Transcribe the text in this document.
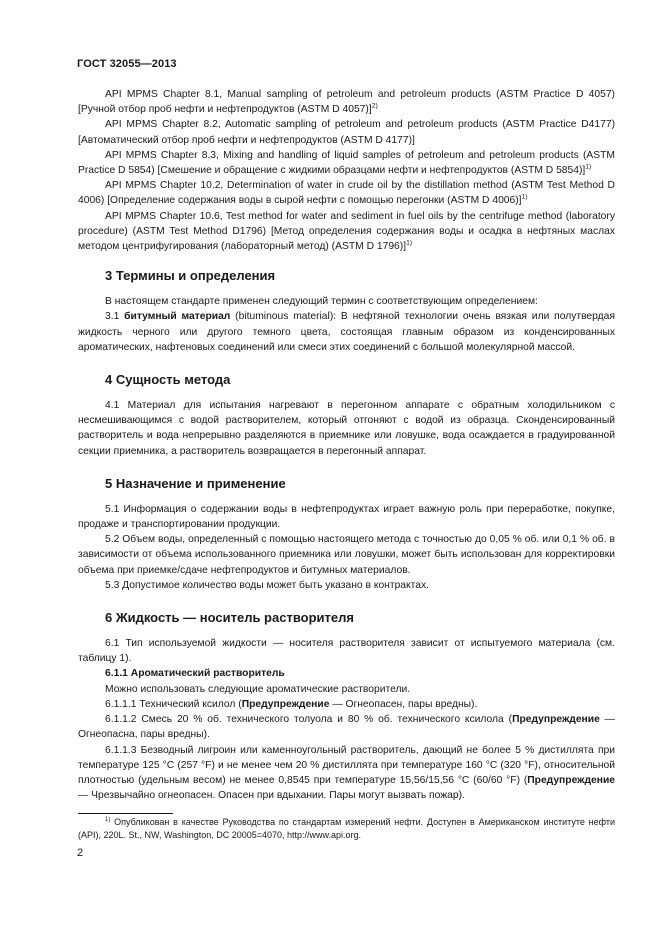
ГОСТ 32055—2013

API MPMS Chapter 8.1, Manual sampling of petroleum and petroleum products (ASTM Practice D 4057) [Ручной отбор проб нефти и нефтепродуктов (ASTM D 4057)]$^{2)}$

API MPMS Chapter 8.2, Automatic sampling of petroleum and petroleum products (ASTM Practice D4177) [Автоматический отбор проб нефти и нефтепродуктов (ASTM D 4177)]

API MPMS Chapter 8.3, Mixing and handling of liquid samples of petroleum and petroleum products (ASTM Practice D 5854) [Смешение и обращение с жидкими образцами нефти и нефтепродуктов (ASTM D 5854)]$^{1)}$

API MPMS Chapter 10.2, Determination of water in crude oil by the distillation method (ASTM Test Method D 4006) [Определение содержания воды в сырой нефти с помощью перегонки (ASTM D 4006)]$^{1)}$

API MPMS Chapter 10.6, Test method for water and sediment in fuel oils by the centrifuge method (laboratory procedure) (ASTM Test Method D1796) [Метод определения содержания воды и осадка в нефтяных маслах методом центрифугирования (лабораторный метод) (ASTM D 1796)]$^{1)}$

3 Термины и определения

В настоящем стандарте применен следующий термин с соответствующим определением:

3.1 битумный материал (bituminous material): В нефтяной технологии очень вязкая или полутвердая жидкость черного или другого темного цвета, состоящая главным образом из конденсированных ароматических, нафтеновых соединений или смеси этих соединений с большой молекулярной массой.

4 Сущность метода

4.1 Материал для испытания нагревают в перегонном аппарате с обратным холодильником с несмешивающимся с водой растворителем, который отгоняют с водой из образца. Сконденсированный растворитель и вода непрерывно разделяются в приемнике или ловушке, вода осаждается в градуированной секции приемника, а растворитель возвращается в перегонный аппарат.

5 Назначение и применение

5.1 Информация о содержании воды в нефтепродуктах играет важную роль при переработке, покупке, продаже и транспортировании продукции.

5.2 Объем воды, определенный с помощью настоящего метода с точностью до 0,05 % об. или 0,1 % об. в зависимости от объема использованного приемника или ловушки, может быть использован для корректировки объема при приемке/сдаче нефтепродуктов и битумных материалов.

5.3 Допустимое количество воды может быть указано в контрактах.

6 Жидкость — носитель растворителя

6.1 Тип используемой жидкости — носителя растворителя зависит от испытуемого материала (см. таблицу 1).

6.1.1 Ароматический растворитель

Можно использовать следующие ароматические растворители.

6.1.1.1 Технический ксилол (Предупреждение — Огнеопасен, пары вредны).

6.1.1.2 Смесь 20 % об. технического толуола и 80 % об. технического ксилола (Предупреждение — Огнеопасна, пары вредны).

6.1.1.3 Безводный лигроин или каменноугольный растворитель, дающий не более 5 % дистиллята при температуре 125 °C (257 °F) и не менее чем 20 % дистиллята при температуре 160 °C (320 °F), относительной плотностью (удельным весом) не менее 0,8545 при температуре 15,56/15,56 °C (60/60 °F) (Предупреждение — Чрезвычайно огнеопасен. Опасен при вдыхании. Пары могут вызвать пожар).

$^{1)}$ Опубликован в качестве Руководства по стандартам измерений нефти. Доступен в Американском институте нефти (API), 220L. St., NW, Washington, DC 20005=4070, http://www.api.org.
2
